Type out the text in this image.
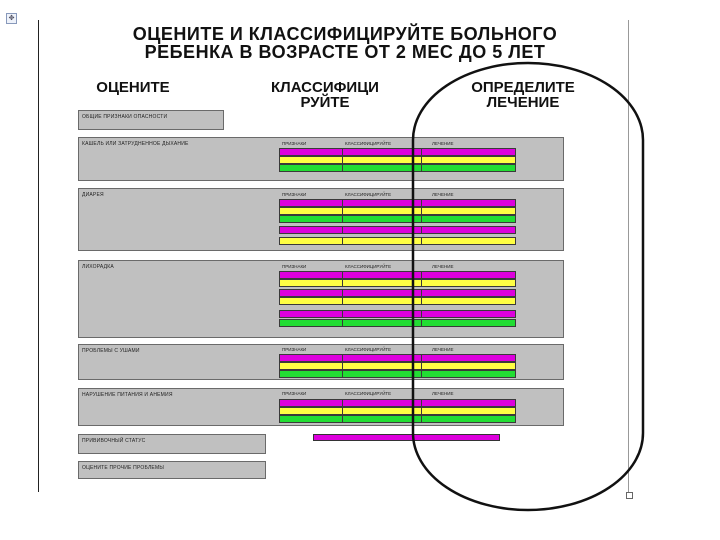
✥
ОЦЕНИТЕ И КЛАССИФИЦИРУЙТЕ БОЛЬНОГО
РЕБЕНКА В ВОЗРАСТЕ ОТ 2 МЕС ДО 5 ЛЕТ
ОЦЕНИТЕ	КЛАССИФИЦИ
РУЙТЕ
ОПРЕДЕЛИТЕ
ЛЕЧЕНИЕ
ОБЩИЕ ПРИЗНАКИ ОПАСНОСТИ
КАШЕЛЬ ИЛИ ЗАТРУДНЕННОЕ ДЫХАНИЕ	ПРИЗНАКИ	КЛАССИФИЦИРУЙТЕ	ЛЕЧЕНИЕ
ДИАРЕЯ	ПРИЗНАКИ	КЛАССИФИЦИРУЙТЕ	ЛЕЧЕНИЕ
ЛИХОРАДКА	ПРИЗНАКИ	КЛАССИФИЦИРУЙТЕ	ЛЕЧЕНИЕ
ПРОБЛЕМЫ С УШАМИ	ПРИЗНАКИ	КЛАССИФИЦИРУЙТЕ	ЛЕЧЕНИЕ
НАРУШЕНИЕ ПИТАНИЯ И АНЕМИЯ	ПРИЗНАКИ	КЛАССИФИЦИРУЙТЕ	ЛЕЧЕНИЕ
ПРИВИВОЧНЫЙ СТАТУС
ОЦЕНИТЕ ПРОЧИЕ ПРОБЛЕМЫ
